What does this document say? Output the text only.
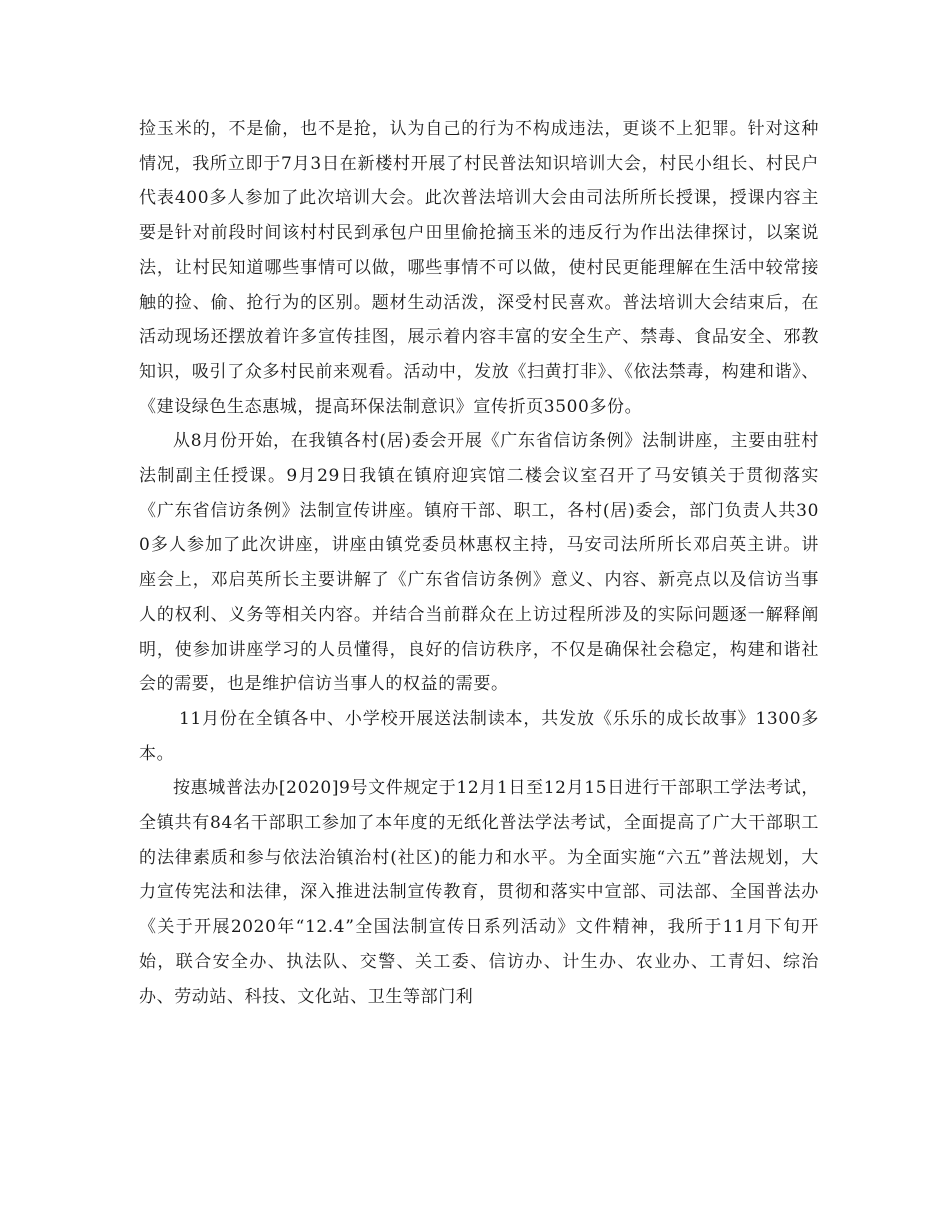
捡玉米的，不是偷，也不是抢，认为自己的行为不构成违法，更谈不上犯罪。针对这种情况，我所立即于7月3日在新楼村开展了村民普法知识培训大会，村民小组长、村民户代表400多人参加了此次培训大会。此次普法培训大会由司法所所长授课，授课内容主要是针对前段时间该村村民到承包户田里偷抢摘玉米的违反行为作出法律探讨，以案说法，让村民知道哪些事情可以做，哪些事情不可以做，使村民更能理解在生活中较常接触的捡、偷、抢行为的区别。题材生动活泼，深受村民喜欢。普法培训大会结束后，在活动现场还摆放着许多宣传挂图，展示着内容丰富的安全生产、禁毒、食品安全、邪教知识，吸引了众多村民前来观看。活动中，发放《扫黄打非》、《依法禁毒，构建和谐》、《建设绿色生态惠城，提高环保法制意识》宣传折页3500多份。

从8月份开始，在我镇各村(居)委会开展《广东省信访条例》法制讲座，主要由驻村法制副主任授课。9月29日我镇在镇府迎宾馆二楼会议室召开了马安镇关于贯彻落实《广东省信访条例》法制宣传讲座。镇府干部、职工，各村(居)委会，部门负责人共300多人参加了此次讲座，讲座由镇党委员林惠权主持，马安司法所所长邓启英主讲。讲座会上，邓启英所长主要讲解了《广东省信访条例》意义、内容、新亮点以及信访当事人的权利、义务等相关内容。并结合当前群众在上访过程所涉及的实际问题逐一解释阐明，使参加讲座学习的人员懂得，良好的信访秩序，不仅是确保社会稳定，构建和谐社会的需要，也是维护信访当事人的权益的需要。

11月份在全镇各中、小学校开展送法制读本，共发放《乐乐的成长故事》1300多本。

按惠城普法办[2020]9号文件规定于12月1日至12月15日进行干部职工学法考试，全镇共有84名干部职工参加了本年度的无纸化普法学法考试，全面提高了广大干部职工的法律素质和参与依法治镇治村(社区)的能力和水平。为全面实施“六五”普法规划，大力宣传宪法和法律，深入推进法制宣传教育，贯彻和落实中宣部、司法部、全国普法办《关于开展2020年“12.4”全国法制宣传日系列活动》文件精神，我所于11月下旬开始，联合安全办、执法队、交警、关工委、信访办、计生办、农业办、工青妇、综治办、劳动站、科技、文化站、卫生等部门利
